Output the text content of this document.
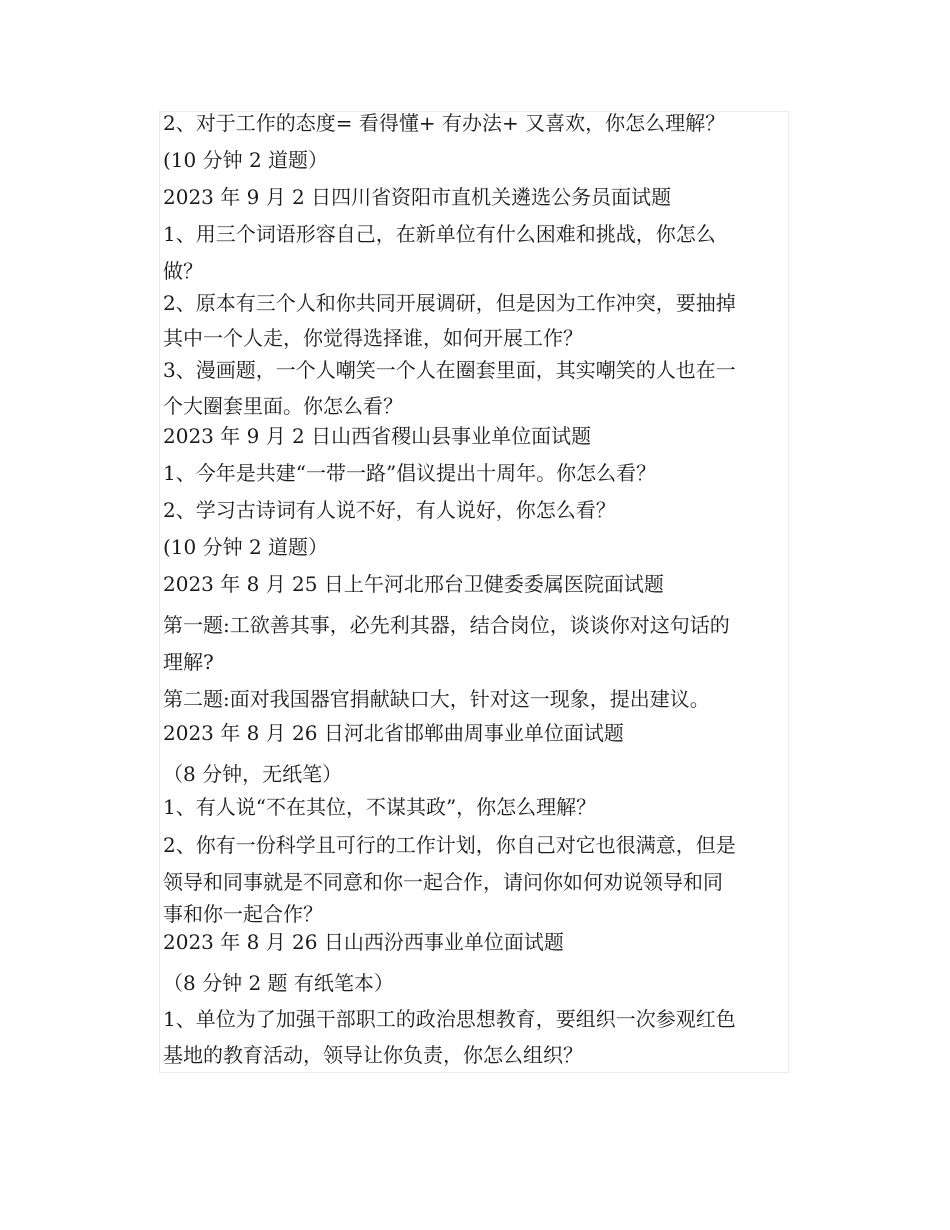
2、对于工作的态度= 看得懂+ 有办法+ 又喜欢，你怎么理解？

(10 分钟 2 道题）

2023 年 9 月 2 日四川省资阳市直机关遴选公务员面试题

1、用三个词语形容自己，在新单位有什么困难和挑战，你怎么

做？

2、原本有三个人和你共同开展调研，但是因为工作冲突，要抽掉

其中一个人走，你觉得选择谁，如何开展工作？

3、漫画题，一个人嘲笑一个人在圈套里面，其实嘲笑的人也在一

个大圈套里面。你怎么看？

2023 年 9 月 2 日山西省稷山县事业单位面试题

1、今年是共建“一带一路”倡议提出十周年。你怎么看？

2、学习古诗词有人说不好，有人说好，你怎么看？

(10 分钟 2 道题）

2023 年 8 月 25 日上午河北邢台卫健委委属医院面试题

第一题:工欲善其事，必先利其器，结合岗位，谈谈你对这句话的

理解?

第二题:面对我国器官捐献缺口大，针对这一现象，提出建议。

2023 年 8 月 26 日河北省邯郸曲周事业单位面试题

（8 分钟，无纸笔）

1、有人说“不在其位，不谋其政”，你怎么理解？

2、你有一份科学且可行的工作计划，你自己对它也很满意，但是

领导和同事就是不同意和你一起合作，请问你如何劝说领导和同

事和你一起合作？

2023 年 8 月 26 日山西汾西事业单位面试题

（8 分钟 2 题 有纸笔本）

1、单位为了加强干部职工的政治思想教育，要组织一次参观红色

基地的教育活动，领导让你负责，你怎么组织？
